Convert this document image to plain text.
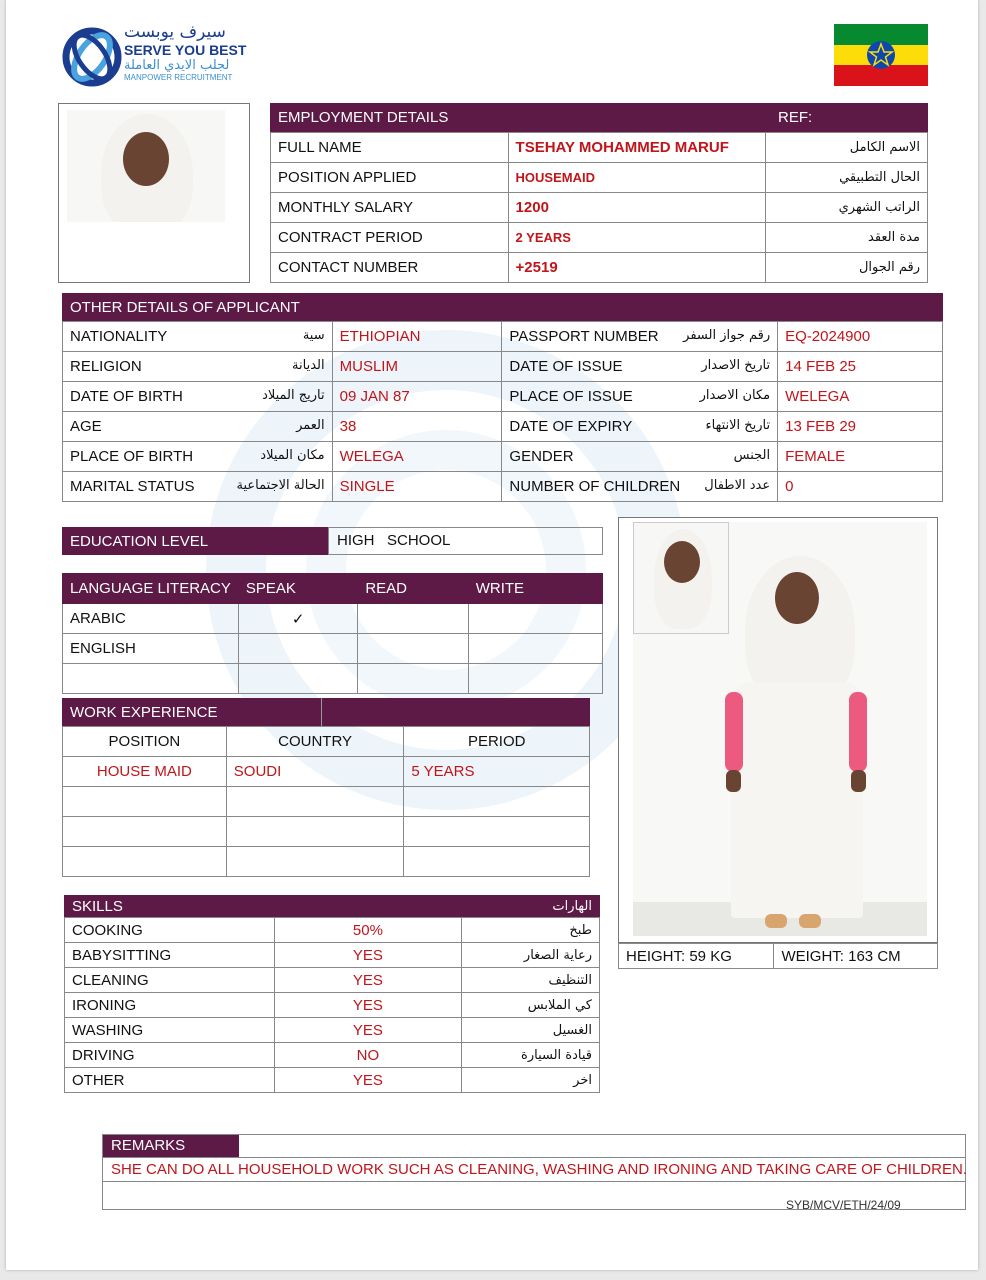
سيرف يوبست
SERVE YOU BEST
لجلب الايدي العاملة
MANPOWER RECRUITMENT
EMPLOYMENT DETAILS	REF:
FULL NAME	TSEHAY MOHAMMED MARUF	الاسم الكامل
POSITION APPLIED	HOUSEMAID	الحال التطبيقي
MONTHLY SALARY	1200	الراتب الشهري
CONTRACT PERIOD	2 YEARS	مدة العقد
CONTACT NUMBER	+2519	رقم الجوال
OTHER DETAILS OF APPLICANT
NATIONALITY سية	ETHIOPIAN	PASSPORT NUMBER رقم جواز السفر	EQ-2024900
RELIGION الديانة	MUSLIM	DATE OF ISSUE تاريخ الاصدار	14 FEB 25
DATE OF BIRTH تاريج الميلاد	09 JAN 87	PLACE OF ISSUE مكان الاصدار	WELEGA
AGE العمر	38	DATE OF EXPIRY تاريخ الانتهاء	13 FEB 29
PLACE OF BIRTH مكان الميلاد	WELEGA	GENDER الجنس	FEMALE
MARITAL STATUS الحالة الاجتماعية	SINGLE	NUMBER OF CHILDREN عدد الاطفال	0
EDUCATION LEVEL	HIGH   SCHOOL
LANGUAGE LITERACY	SPEAK	READ	WRITE
ARABIC	✓		
ENGLISH			

WORK EXPERIENCE
POSITION	COUNTRY	PERIOD
HOUSE MAID	SOUDI	5 YEARS

SKILLS	الهارات
COOKING	50%	طبخ
BABYSITTING	YES	رعاية الصغار
CLEANING	YES	التنظيف
IRONING	YES	كي الملابس
WASHING	YES	الغسيل
DRIVING	NO	قيادة السيارة
OTHER	YES	اخر
HEIGHT: 59 KG	WEIGHT: 163 CM
REMARKS
SHE CAN DO ALL HOUSEHOLD WORK SUCH AS CLEANING, WASHING AND IRONING AND TAKING CARE OF CHILDREN.
SYB/MCV/ETH/24/09
